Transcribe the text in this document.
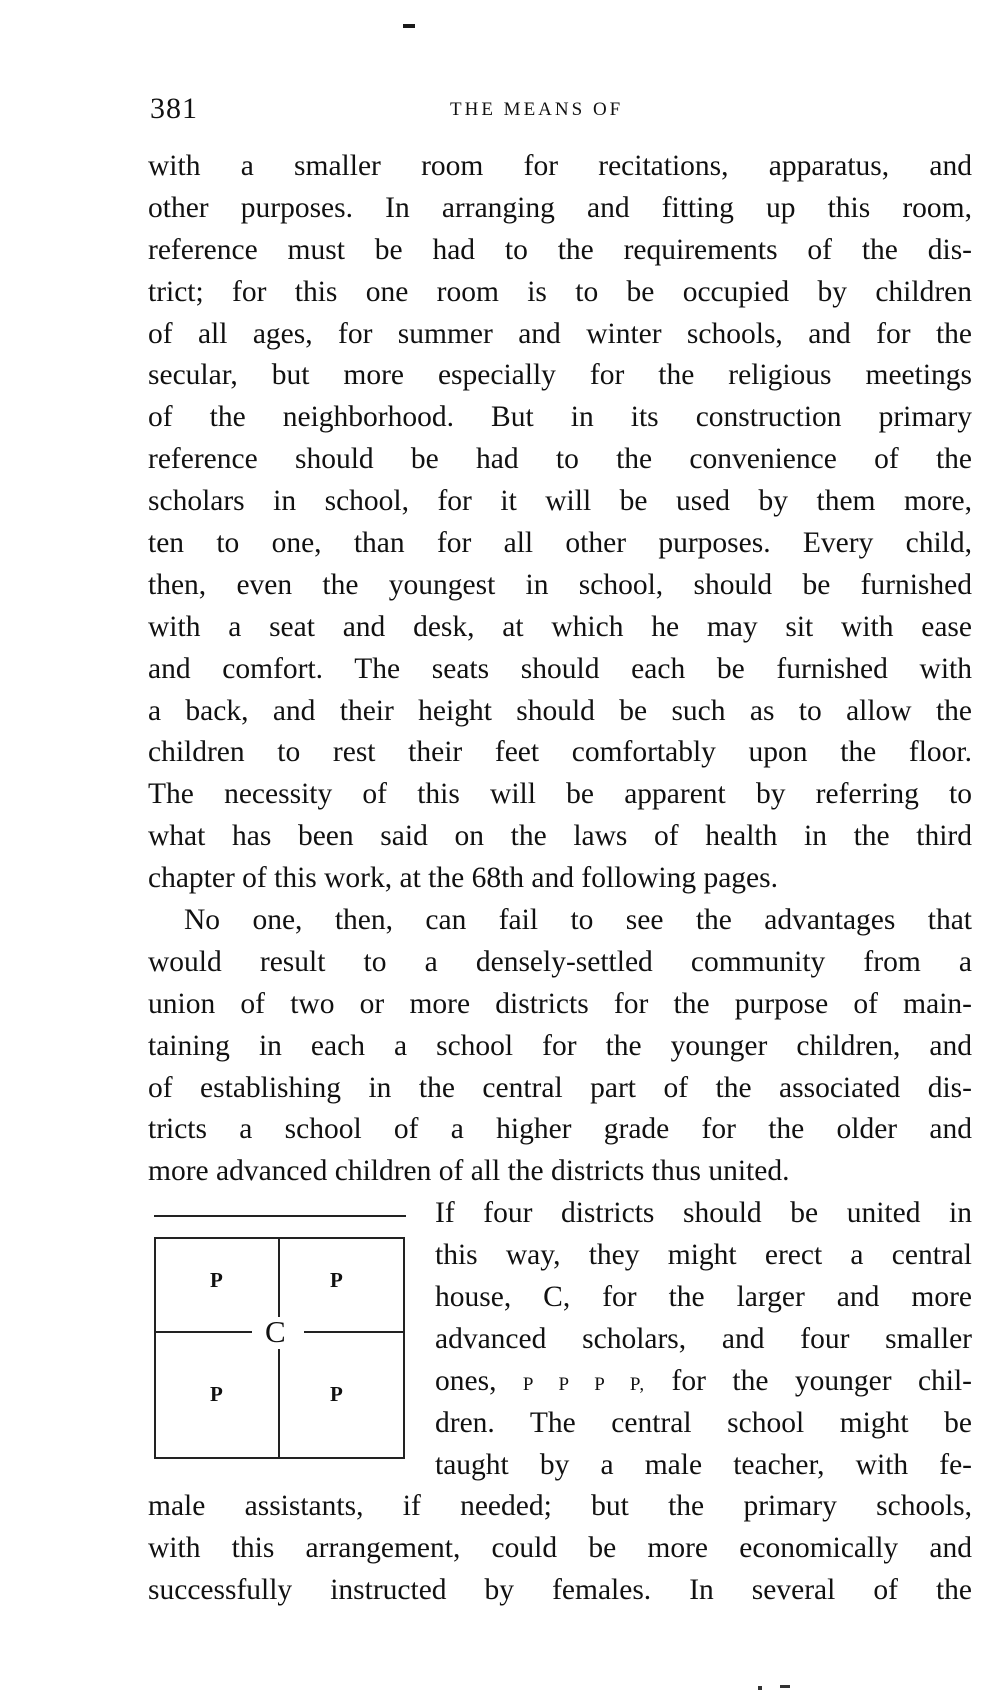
381	THE MEANS OF
with a smaller room for recitations, apparatus, and
other purposes. In arranging and fitting up this room,
reference must be had to the requirements of the dis-
trict; for this one room is to be occupied by children
of all ages, for summer and winter schools, and for the
secular, but more especially for the religious meetings
of the neighborhood. But in its construction primary
reference should be had to the convenience of the
scholars in school, for it will be used by them more,
ten to one, than for all other purposes. Every child,
then, even the youngest in school, should be furnished
with a seat and desk, at which he may sit with ease
and comfort. The seats should each be furnished with
a back, and their height should be such as to allow the
children to rest their feet comfortably upon the floor.
The necessity of this will be apparent by referring to
what has been said on the laws of health in the third
chapter of this work, at the 68th and following pages.
No one, then, can fail to see the advantages that
would result to a densely-settled community from a
union of two or more districts for the purpose of main-
taining in each a school for the younger children, and
of establishing in the central part of the associated dis-
tricts a school of a higher grade for the older and
more advanced children of all the districts thus united.
P	P
C
P	P
If four districts should be united in
this way, they might erect a central
house, C, for the larger and more
advanced scholars, and four smaller
ones, P P P P, for the younger chil-
dren. The central school might be
taught by a male teacher, with fe-
male assistants, if needed; but the primary schools,
with this arrangement, could be more economically and
successfully instructed by females. In several of the
